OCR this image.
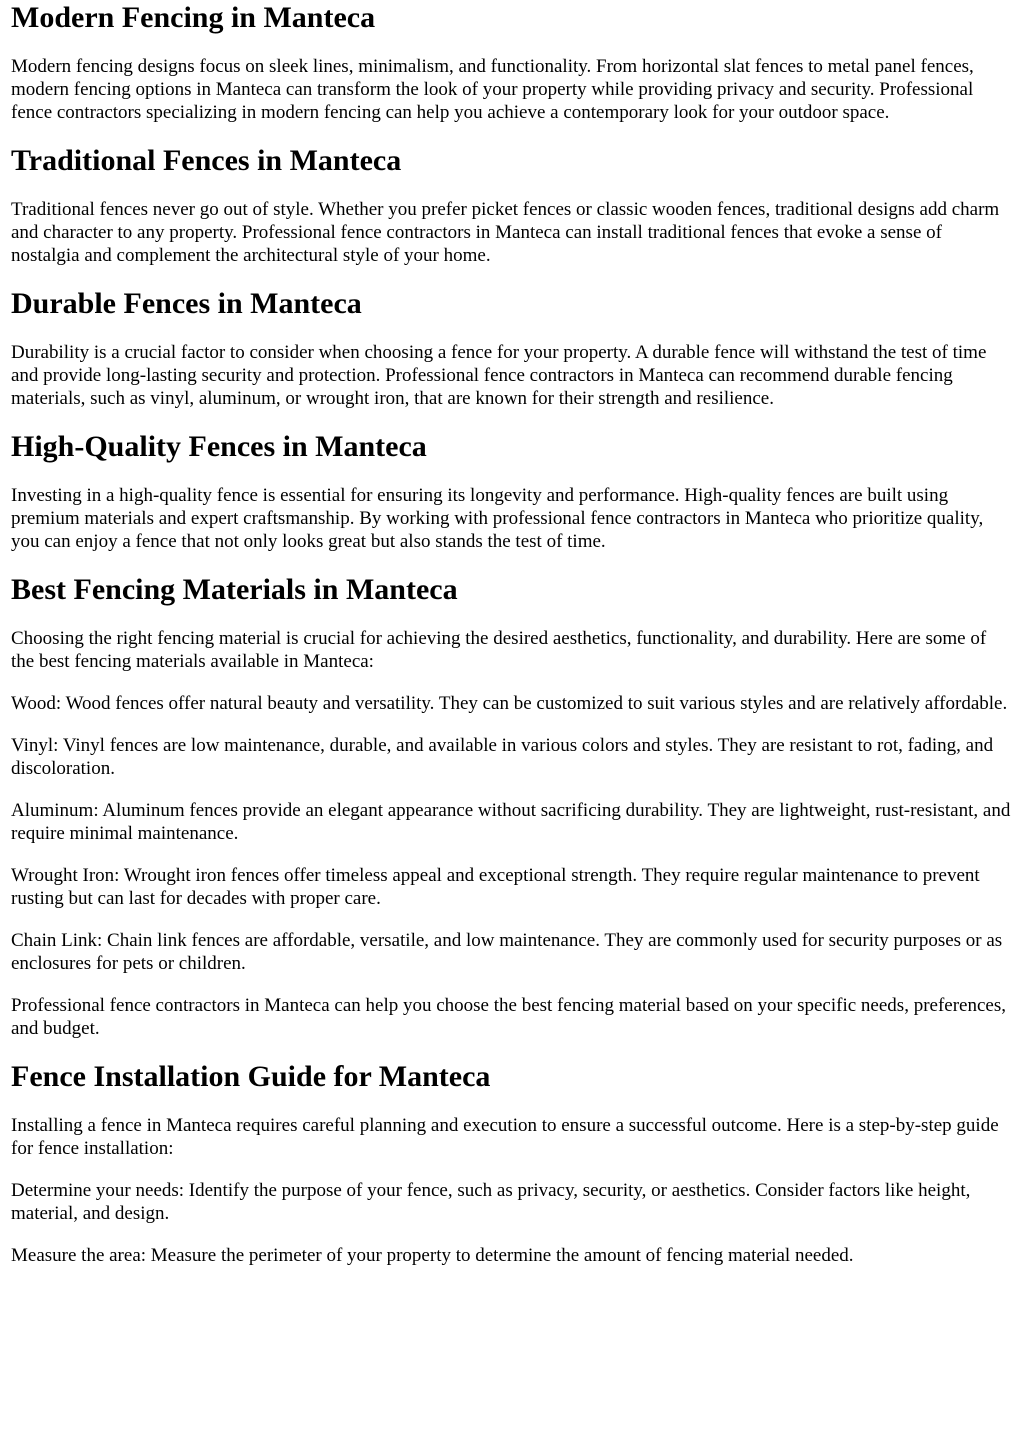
Modern Fencing in Manteca

Modern fencing designs focus on sleek lines, minimalism, and functionality. From horizontal slat fences to metal panel fences, modern fencing options in Manteca can transform the look of your property while providing privacy and security. Professional fence contractors specializing in modern fencing can help you achieve a contemporary look for your outdoor space.

Traditional Fences in Manteca

Traditional fences never go out of style. Whether you prefer picket fences or classic wooden fences, traditional designs add charm and character to any property. Professional fence contractors in Manteca can install traditional fences that evoke a sense of nostalgia and complement the architectural style of your home.

Durable Fences in Manteca

Durability is a crucial factor to consider when choosing a fence for your property. A durable fence will withstand the test of time and provide long-lasting security and protection. Professional fence contractors in Manteca can recommend durable fencing materials, such as vinyl, aluminum, or wrought iron, that are known for their strength and resilience.

High-Quality Fences in Manteca

Investing in a high-quality fence is essential for ensuring its longevity and performance. High-quality fences are built using premium materials and expert craftsmanship. By working with professional fence contractors in Manteca who prioritize quality, you can enjoy a fence that not only looks great but also stands the test of time.

Best Fencing Materials in Manteca

Choosing the right fencing material is crucial for achieving the desired aesthetics, functionality, and durability. Here are some of the best fencing materials available in Manteca:

Wood: Wood fences offer natural beauty and versatility. They can be customized to suit various styles and are relatively affordable.

Vinyl: Vinyl fences are low maintenance, durable, and available in various colors and styles. They are resistant to rot, fading, and discoloration.

Aluminum: Aluminum fences provide an elegant appearance without sacrificing durability. They are lightweight, rust-resistant, and require minimal maintenance.

Wrought Iron: Wrought iron fences offer timeless appeal and exceptional strength. They require regular maintenance to prevent rusting but can last for decades with proper care.

Chain Link: Chain link fences are affordable, versatile, and low maintenance. They are commonly used for security purposes or as enclosures for pets or children.

Professional fence contractors in Manteca can help you choose the best fencing material based on your specific needs, preferences, and budget.

Fence Installation Guide for Manteca

Installing a fence in Manteca requires careful planning and execution to ensure a successful outcome. Here is a step-by-step guide for fence installation:

Determine your needs: Identify the purpose of your fence, such as privacy, security, or aesthetics. Consider factors like height, material, and design.

Measure the area: Measure the perimeter of your property to determine the amount of fencing material needed.
